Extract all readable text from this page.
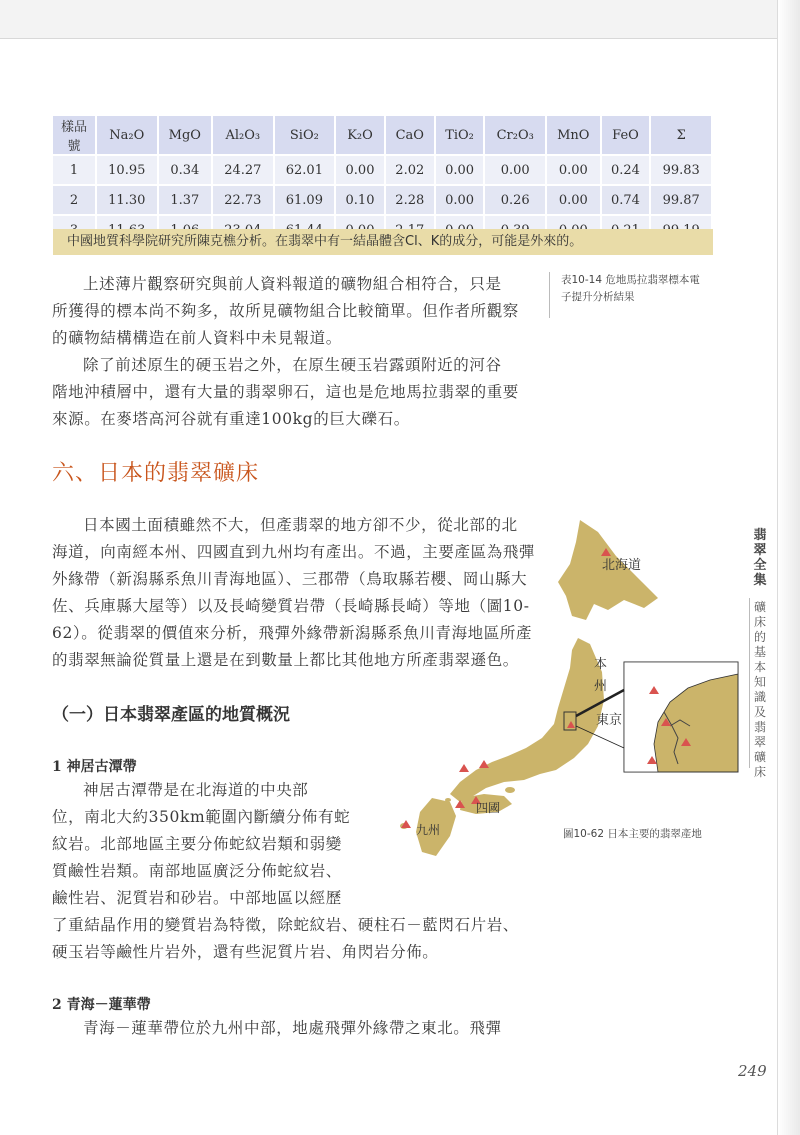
樣品號	Na₂O	MgO	Al₂O₃	SiO₂	K₂O	CaO	TiO₂	Cr₂O₃	MnO	FeO	Σ
1	10.95	0.34	24.27	62.01	0.00	2.02	0.00	0.00	0.00	0.24	99.83
2	11.30	1.37	22.73	61.09	0.10	2.28	0.00	0.26	0.00	0.74	99.87

中國地質科學院研究所陳克樵分析。在翡翠中有一結晶體含Cl、K的成分，可能是外來的。
表10-14 危地馬拉翡翠標本電
子提升分析結果
上述薄片觀察研究與前人資料報道的礦物組合相符合，只是
所獲得的標本尚不夠多，故所見礦物組合比較簡單。但作者所觀察
的礦物結構構造在前人資料中未見報道。
除了前述原生的硬玉岩之外，在原生硬玉岩露頭附近的河谷
階地沖積層中，還有大量的翡翠卵石，這也是危地馬拉翡翠的重要
來源。在麥塔高河谷就有重達100kg的巨大礫石。
六、日本的翡翠礦床
日本國土面積雖然不大，但產翡翠的地方卻不少，從北部的北
海道，向南經本州、四國直到九州均有產出。不過，主要產區為飛彈
外緣帶（新潟縣系魚川青海地區）、三郡帶（鳥取縣若櫻、岡山縣大
佐、兵庫縣大屋等）以及長崎變質岩帶（長崎縣長崎）等地（圖10-
62）。從翡翠的價值來分析，飛彈外緣帶新潟縣系魚川青海地區所產
的翡翠無論從質量上還是在到數量上都比其他地方所產翡翠遜色。
（一）日本翡翠產區的地質概況
1 神居古潭帶
神居古潭帶是在北海道的中央部
位，南北大約350km範圍內斷續分佈有蛇
紋岩。北部地區主要分佈蛇紋岩類和弱變
質鹼性岩類。南部地區廣泛分佈蛇紋岩、
鹼性岩、泥質岩和砂岩。中部地區以經歷
了重結晶作用的變質岩為特徵，除蛇紋岩、硬柱石－藍閃石片岩、
硬玉岩等鹼性片岩外，還有些泥質片岩、角閃岩分佈。
2 青海－蓮華帶
青海－蓮華帶位於九州中部，地處飛彈外緣帶之東北。飛彈
翡翠全集
礦床的基本知識及翡翠礦床
北海道
本
州
東京
四國
九州	圖10-62 日本主要的翡翠產地
249
